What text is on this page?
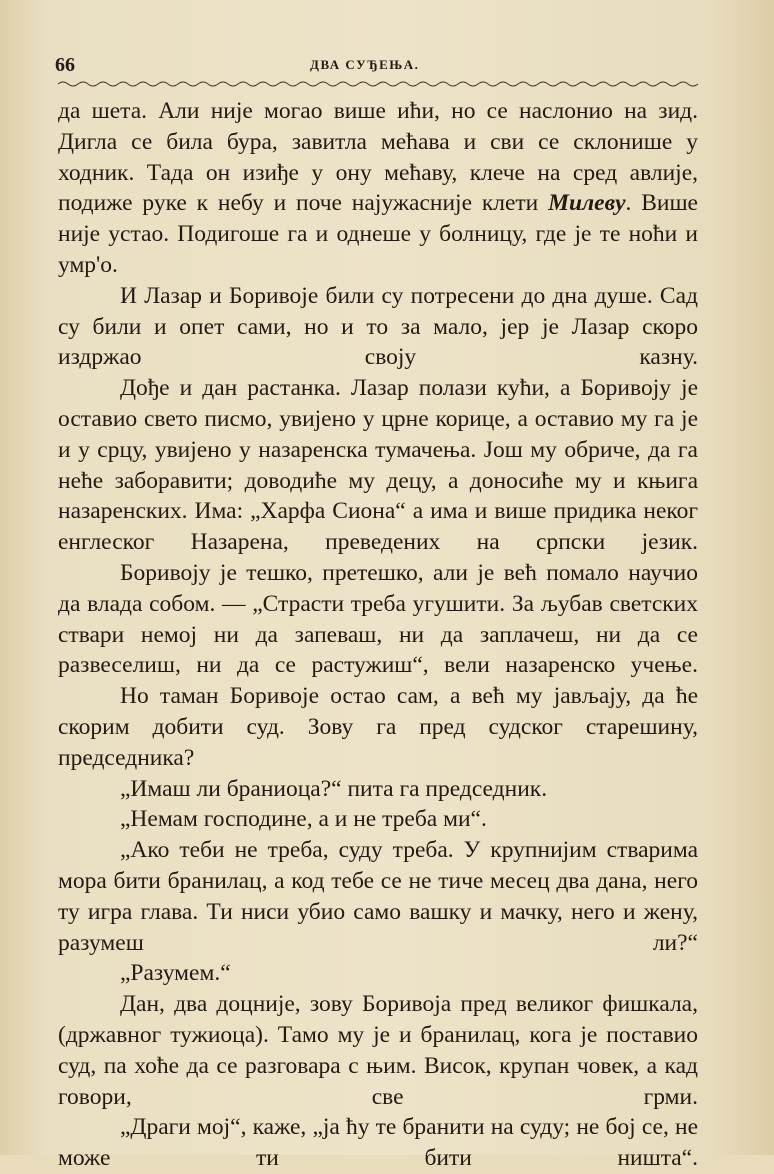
66	ДВА СУЂЕЊА.

да шета. Али није могао више ићи, но се наслонио на зид. Дигла се била бура, завитла мећава и сви се склонише у ходник. Тада он изиђе у ону мећаву, клече на сред авлије, подиже руке к небу и поче најужасније клети Милеву. Више није устао. Подигоше га и однеше у болницу, где је те ноћи и умр'о.

И Лазар и Боривоје били су потресени до дна душе. Сад су били и опет сами, но и то за мало, јер је Лазар скоро издржао своју казну.

Дође и дан растанка. Лазар полази кући, а Боривоју је оставио свето писмо, увијено у црне корице, а оставио му га је и у срцу, увијено у назаренска тумачења. Још му обриче, да га неће заборавити; доводиће му децу, а доносиће му и књига назаренских. Има: „Харфа Сиона“ а има и више придика неког енглеског Назарена, преведених на српски језик.

Боривоју је тешко, претешко, али је већ помало научио да влада собом. — „Страсти треба угушити. За љубав светских ствари немој ни да запеваш, ни да заплачеш, ни да се развеселиш, ни да се растужиш“, вели назаренско учење.

Но таман Боривоје остао сам, а већ му јављају, да ће скорим добити суд. Зову га пред судског старешину, председника?

„Имаш ли браниоца?“ пита га председник.

„Немам господине, а и не треба ми“.

„Ако теби не треба, суду треба. У крупнијим стварима мора бити бранилац, а код тебе се не тиче месец два дана, него ту игра глава. Ти ниси убио само вашку и мачку, него и жену, разумеш ли?“

„Разумем.“

Дан, два доцније, зову Боривоја пред великог фишкала, (државног тужиоца). Тамо му је и бранилац, кога је поставио суд, па хоће да се разговара с њим. Висок, крупан човек, а кад говори, све грми.

„Драги мој“, каже, „ја ћу те бранити на суду; не бој се, не може ти бити ништа“.
